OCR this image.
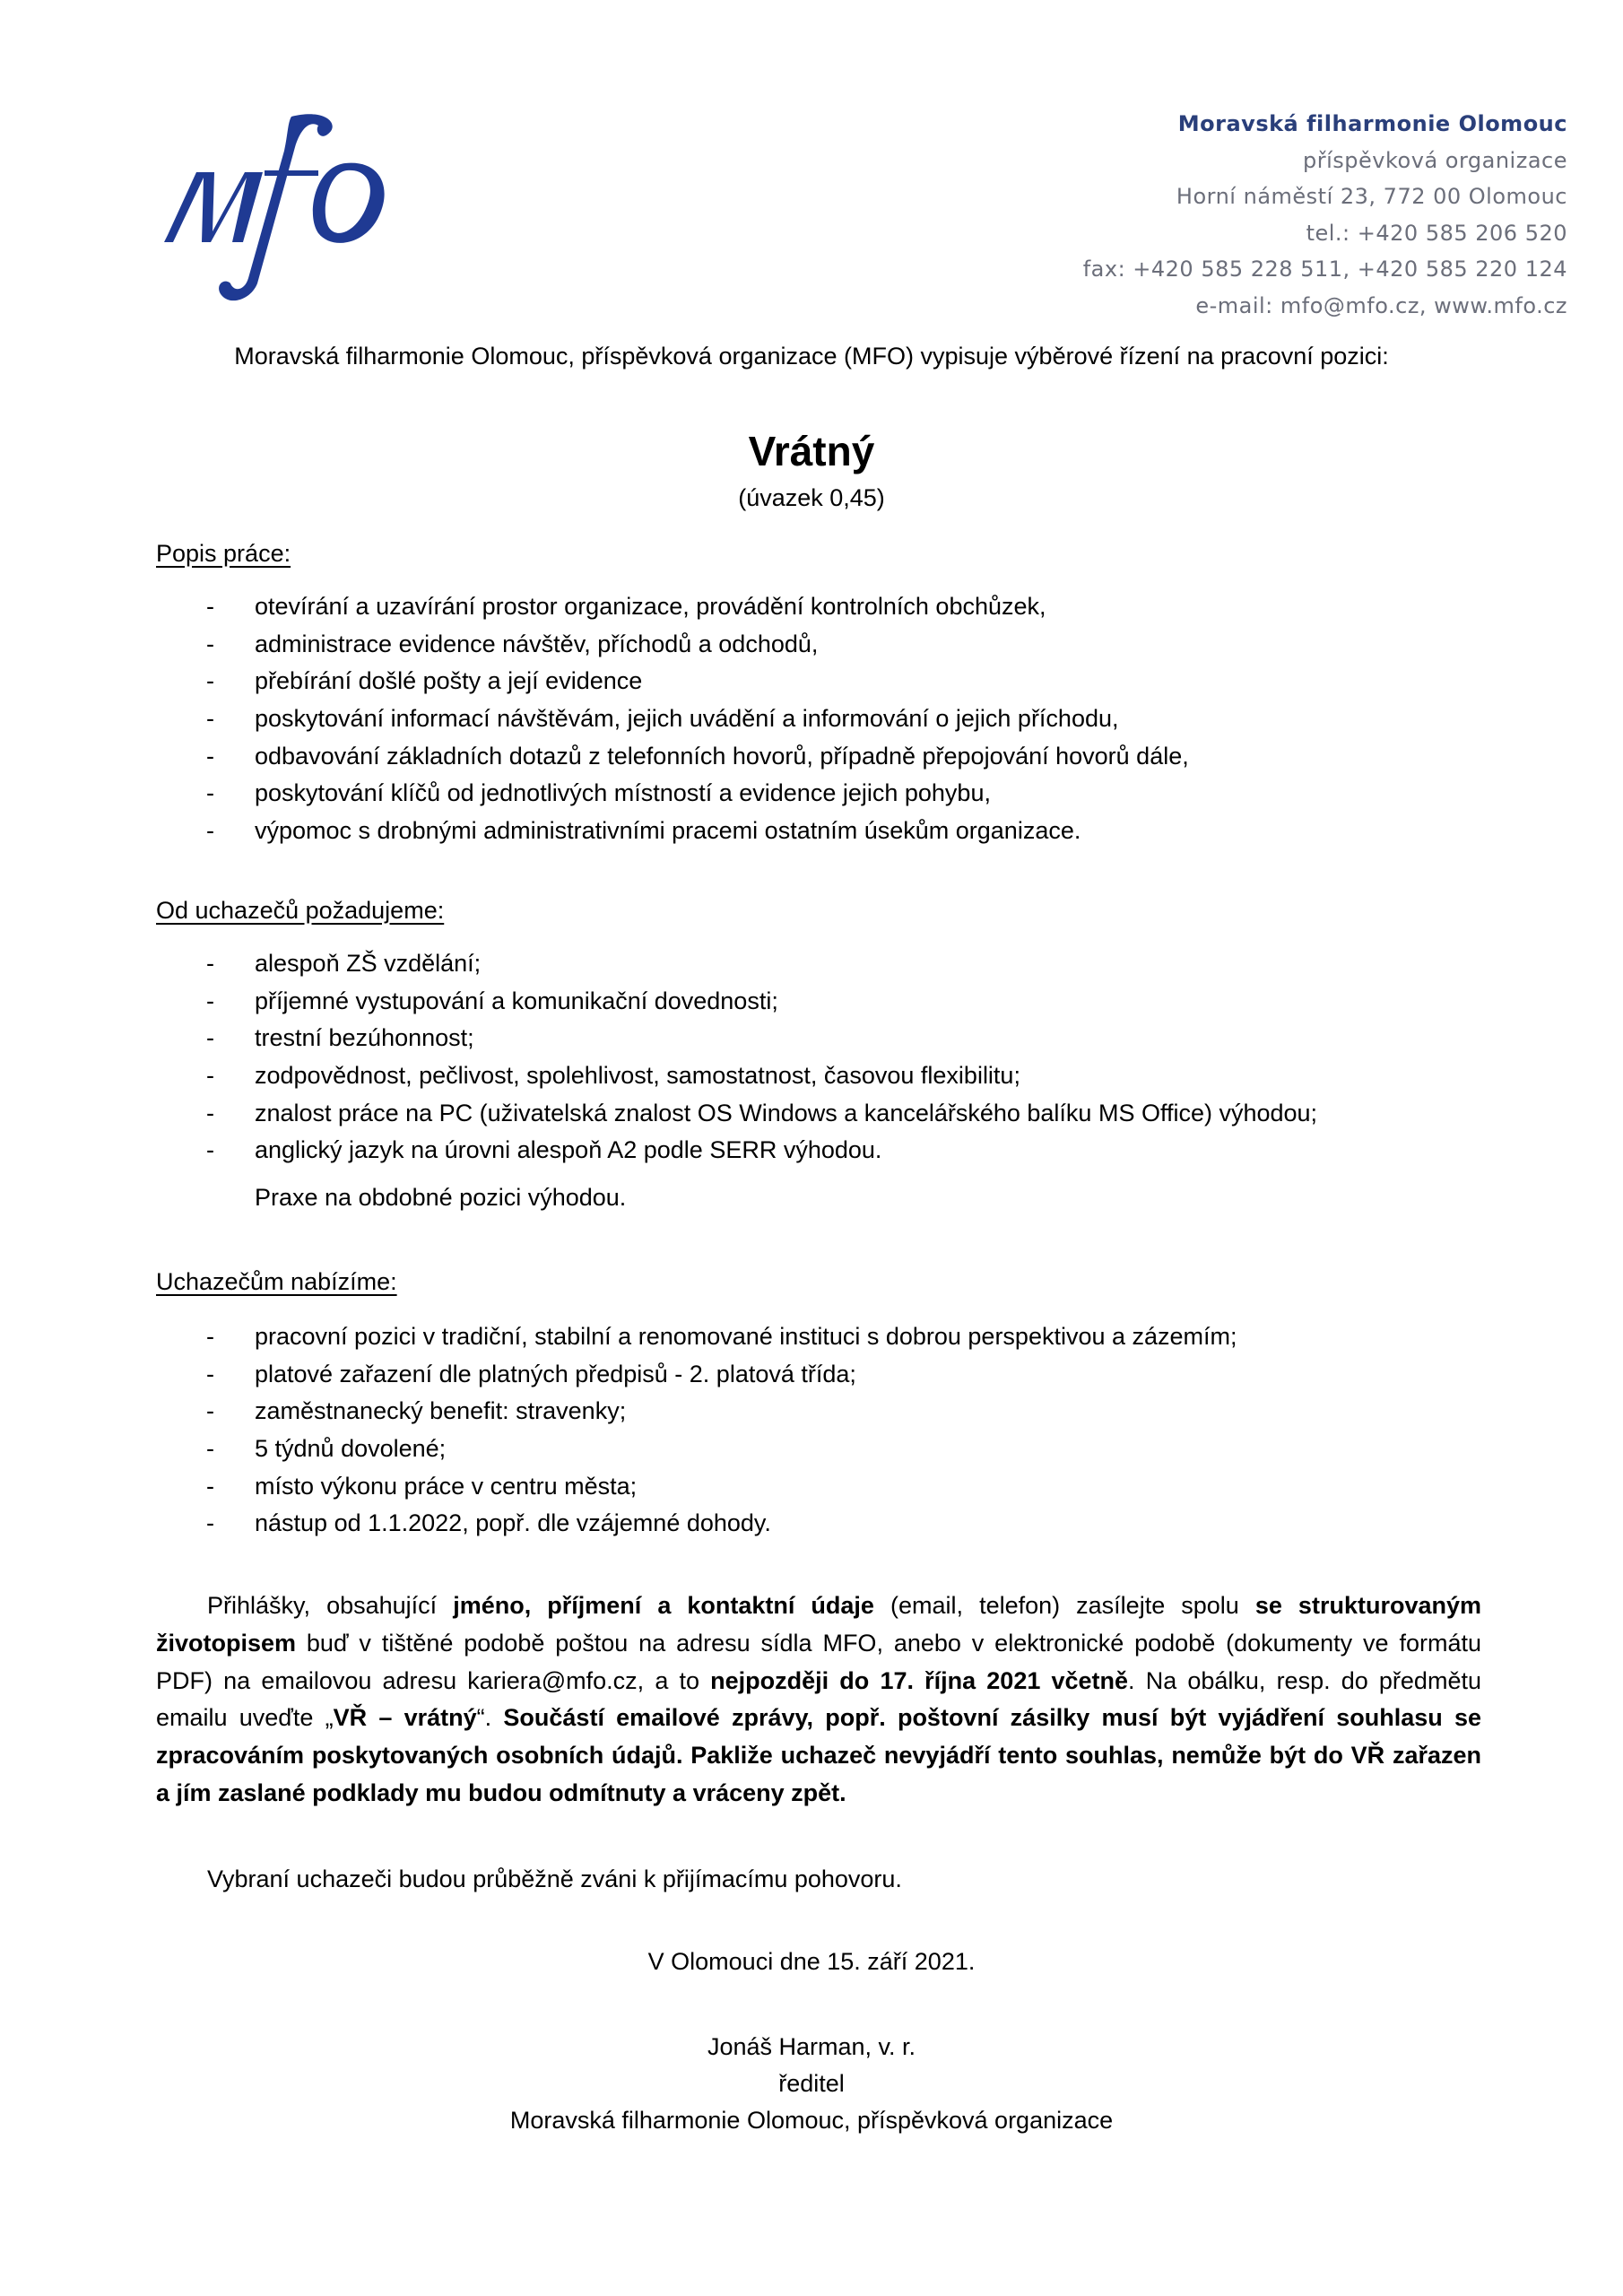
Moravská filharmonie Olomouc
příspěvková organizace
Horní náměstí 23, 772 00 Olomouc
tel.: +420 585 206 520
fax: +420 585 228 511, +420 585 220 124
e-mail: mfo@mfo.cz, www.mfo.cz
Moravská filharmonie Olomouc, příspěvková organizace (MFO) vypisuje výběrové řízení na pracovní pozici:
Vrátný
(úvazek 0,45)
Popis práce:
- otevírání a uzavírání prostor organizace, provádění kontrolních obchůzek,
- administrace evidence návštěv, příchodů a odchodů,
- přebírání došlé pošty a její evidence
- poskytování informací návštěvám, jejich uvádění a informování o jejich příchodu,
- odbavování základních dotazů z telefonních hovorů, případně přepojování hovorů dále,
- poskytování klíčů od jednotlivých místností a evidence jejich pohybu,
- výpomoc s drobnými administrativními pracemi ostatním úsekům organizace.
Od uchazečů požadujeme:
- alespoň ZŠ vzdělání;
- příjemné vystupování a komunikační dovednosti;
- trestní bezúhonnost;
- zodpovědnost, pečlivost, spolehlivost, samostatnost, časovou flexibilitu;
- znalost práce na PC (uživatelská znalost OS Windows a kancelářského balíku MS Office) výhodou;
- anglický jazyk na úrovni alespoň A2 podle SERR výhodou.
Praxe na obdobné pozici výhodou.
Uchazečům nabízíme:
- pracovní pozici v tradiční, stabilní a renomované instituci s dobrou perspektivou a zázemím;
- platové zařazení dle platných předpisů - 2. platová třída;
- zaměstnanecký benefit: stravenky;
- 5 týdnů dovolené;
- místo výkonu práce v centru města;
- nástup od 1.1.2022, popř. dle vzájemné dohody.
Přihlášky, obsahující jméno, příjmení a kontaktní údaje (email, telefon) zasílejte spolu se strukturovaným životopisem buď v tištěné podobě poštou na adresu sídla MFO, anebo v elektronické podobě (dokumenty ve formátu PDF) na emailovou adresu kariera@mfo.cz, a to nejpozději do 17. října 2021 včetně. Na obálku, resp. do předmětu emailu uveďte „VŘ – vrátný“. Součástí emailové zprávy, popř. poštovní zásilky musí být vyjádření souhlasu se zpracováním poskytovaných osobních údajů. Pakliže uchazeč nevyjádří tento souhlas, nemůže být do VŘ zařazen a jím zaslané podklady mu budou odmítnuty a vráceny zpět.
Vybraní uchazeči budou průběžně zváni k přijímacímu pohovoru.
V Olomouci dne 15. září 2021.
Jonáš Harman, v. r.
ředitel
Moravská filharmonie Olomouc, příspěvková organizace
